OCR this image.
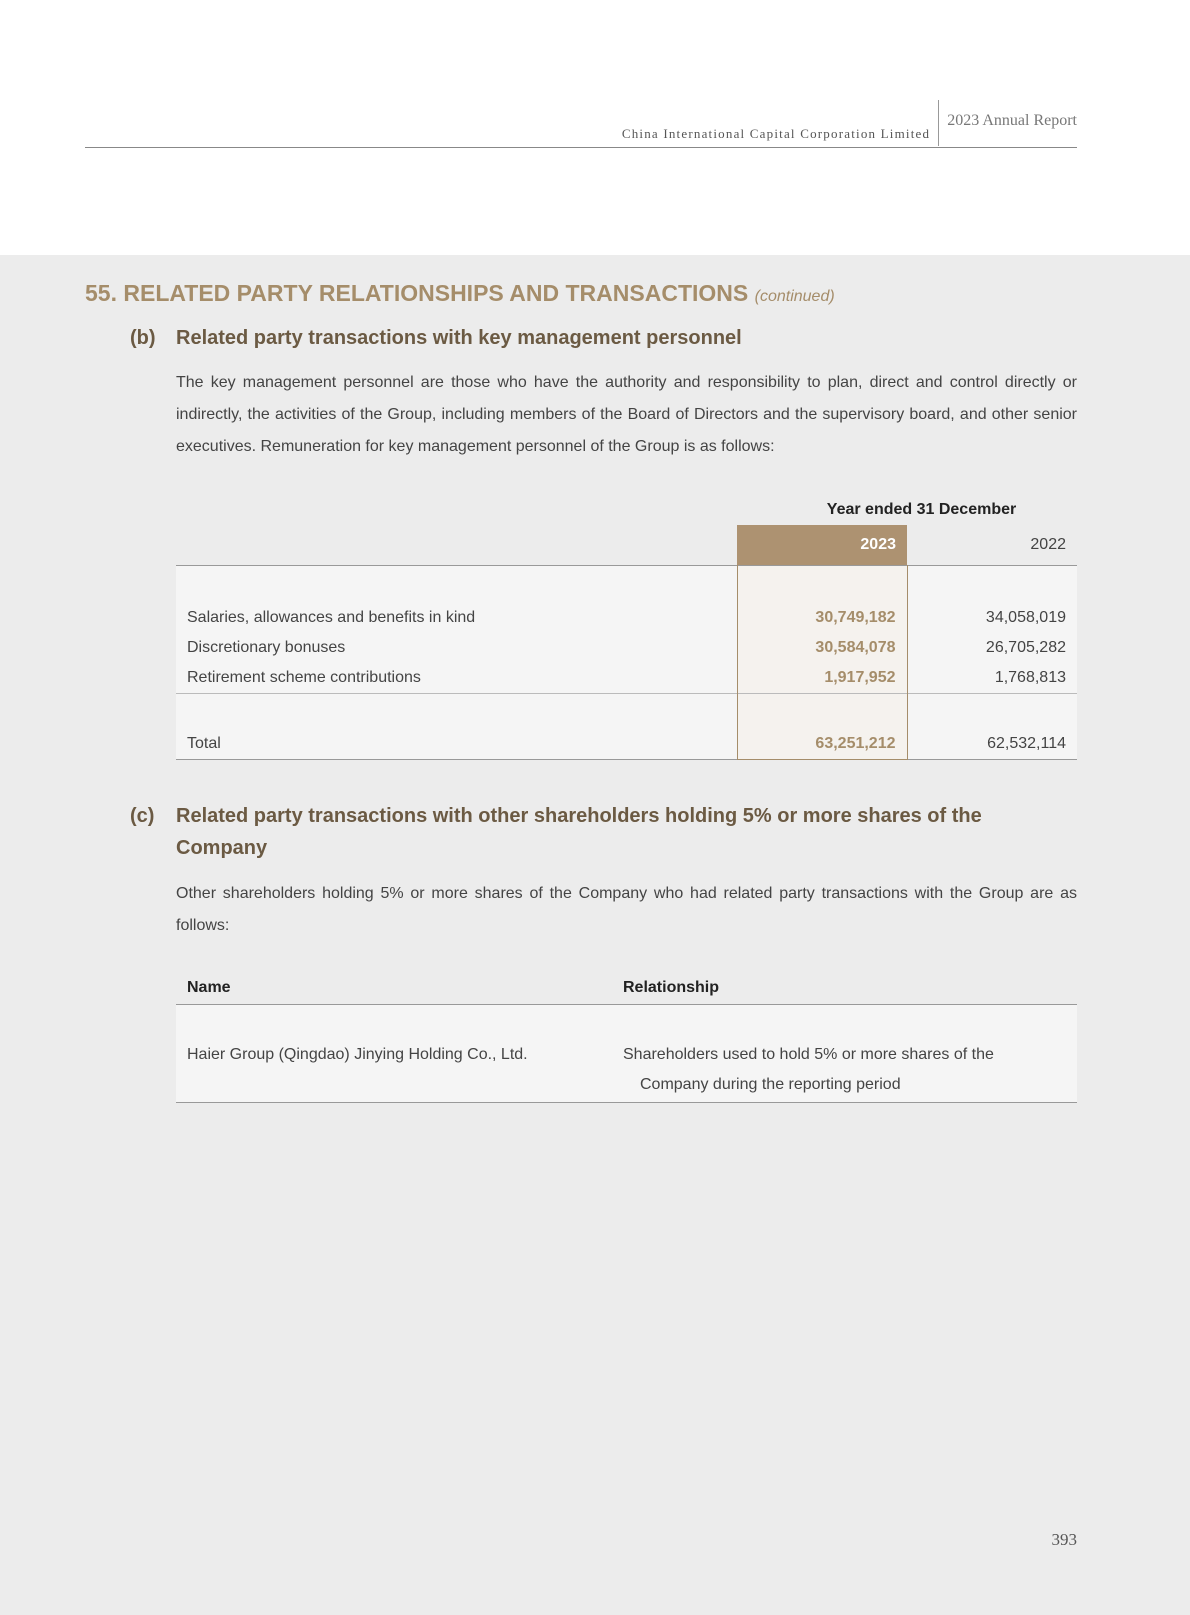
China International Capital Corporation Limited
2023 Annual Report
55. RELATED PARTY RELATIONSHIPS AND TRANSACTIONS (continued)
(b) Related party transactions with key management personnel
The key management personnel are those who have the authority and responsibility to plan, direct and control directly or indirectly, the activities of the Group, including members of the Board of Directors and the supervisory board, and other senior executives. Remuneration for key management personnel of the Group is as follows:
	Year ended 31 December	
	2023	2022

Salaries, allowances and benefits in kind	30,749,182	34,058,019
Discretionary bonuses	30,584,078	26,705,282
Retirement scheme contributions	1,917,952	1,768,813

Total	63,251,212	62,532,114
(c) Related party transactions with other shareholders holding 5% or more shares of the Company
Other shareholders holding 5% or more shares of the Company who had related party transactions with the Group are as follows:
Name	Relationship

Haier Group (Qingdao) Jinying Holding Co., Ltd.	Shareholders used to hold 5% or more shares of the
Company during the reporting period
393
